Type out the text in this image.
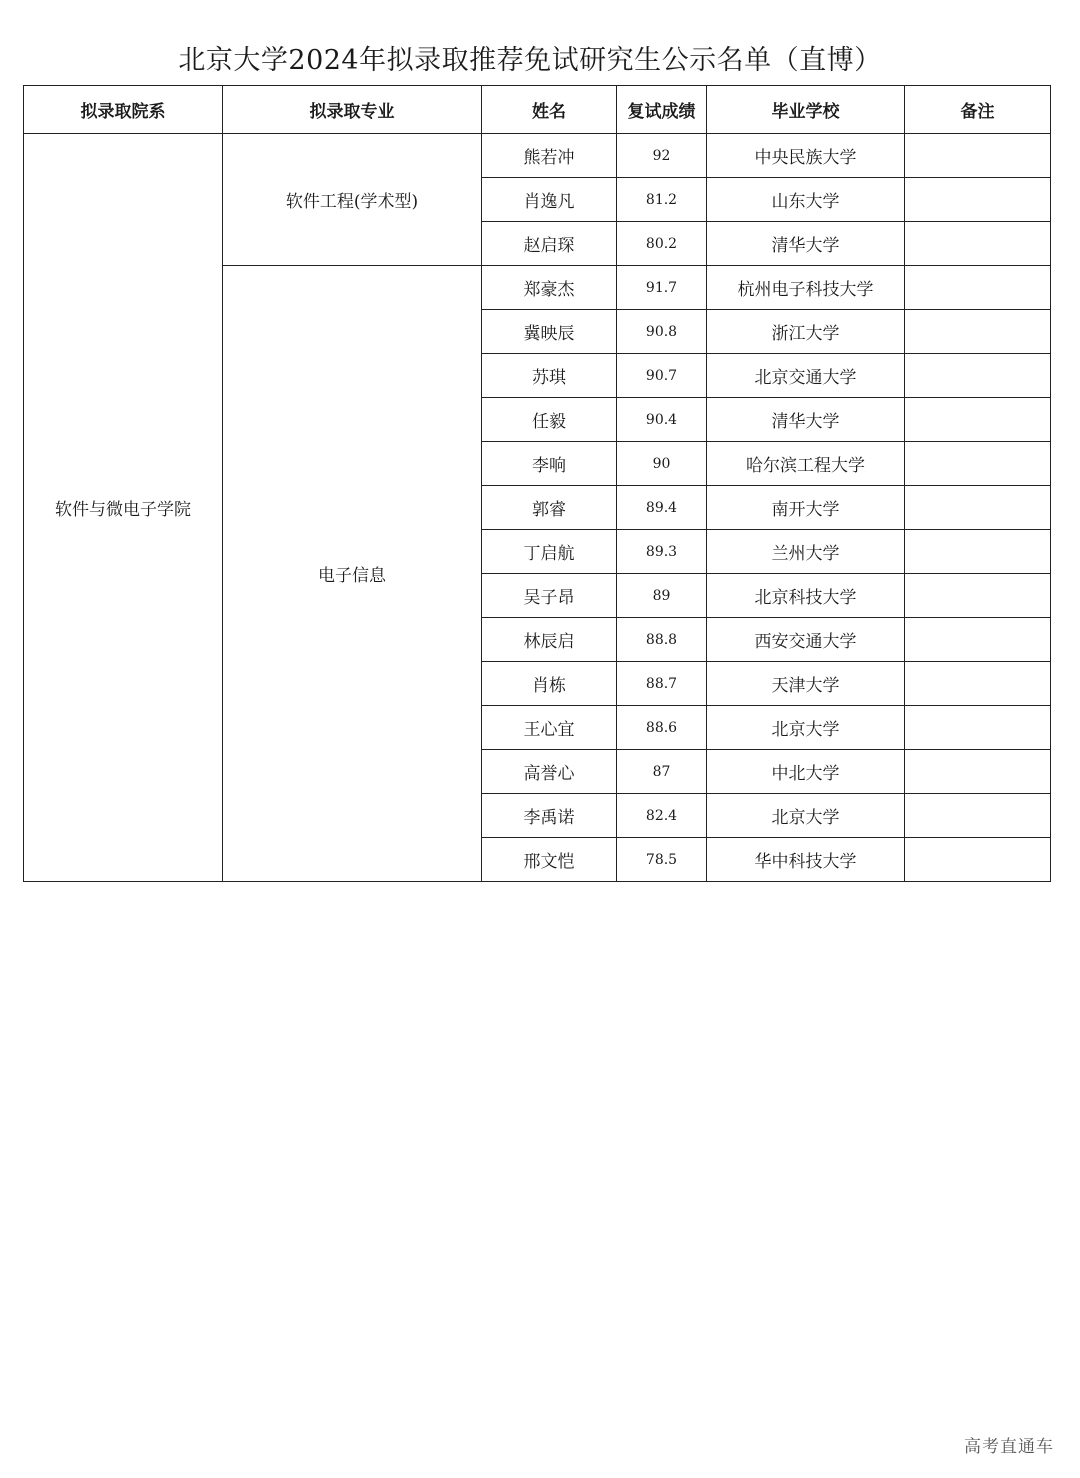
北京大学2024年拟录取推荐免试研究生公示名单（直博）
拟录取院系	拟录取专业	姓名	复试成绩	毕业学校	备注
软件与微电子学院	软件工程(学术型)	熊若冲	92	中央民族大学	
		肖逸凡	81.2	山东大学	
		赵启琛	80.2	清华大学	
	电子信息	郑豪杰	91.7	杭州电子科技大学	
		冀映辰	90.8	浙江大学	
		苏琪	90.7	北京交通大学	
		任毅	90.4	清华大学	
		李响	90	哈尔滨工程大学	
		郭睿	89.4	南开大学	
		丁启航	89.3	兰州大学	
		吴子昂	89	北京科技大学	
		林辰启	88.8	西安交通大学	
		肖栋	88.7	天津大学	
		王心宜	88.6	北京大学	
		高誉心	87	中北大学	
		李禹诺	82.4	北京大学	
		邢文恺	78.5	华中科技大学	
高考直通车
